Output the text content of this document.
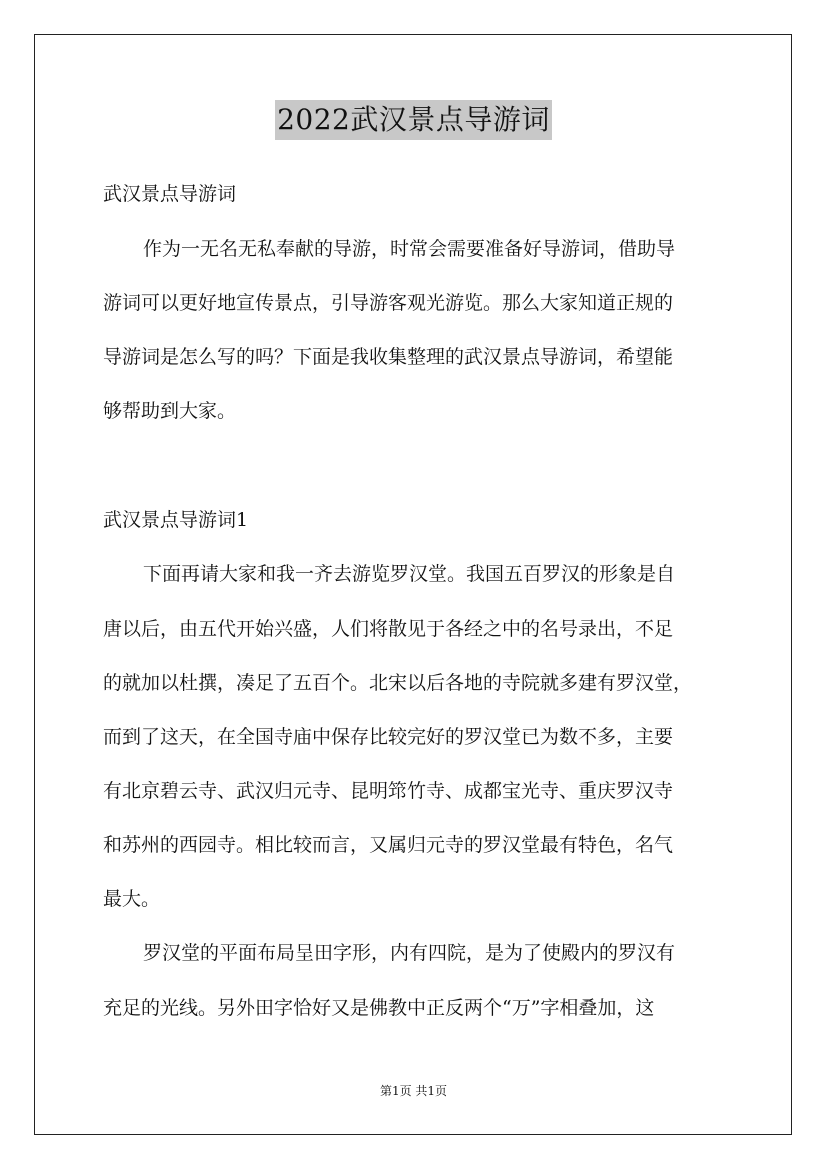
2022武汉景点导游词
武汉景点导游词
作为一无名无私奉献的导游，时常会需要准备好导游词，借助导
游词可以更好地宣传景点，引导游客观光游览。那么大家知道正规的
导游词是怎么写的吗？下面是我收集整理的武汉景点导游词，希望能
够帮助到大家。
武汉景点导游词1
下面再请大家和我一齐去游览罗汉堂。我国五百罗汉的形象是自
唐以后，由五代开始兴盛，人们将散见于各经之中的名号录出，不足
的就加以杜撰，凑足了五百个。北宋以后各地的寺院就多建有罗汉堂，
而到了这天，在全国寺庙中保存比较完好的罗汉堂已为数不多，主要
有北京碧云寺、武汉归元寺、昆明筇竹寺、成都宝光寺、重庆罗汉寺
和苏州的西园寺。相比较而言，又属归元寺的罗汉堂最有特色，名气
最大。
罗汉堂的平面布局呈田字形，内有四院，是为了使殿内的罗汉有
充足的光线。另外田字恰好又是佛教中正反两个“万”字相叠加，这
第1页 共1页
